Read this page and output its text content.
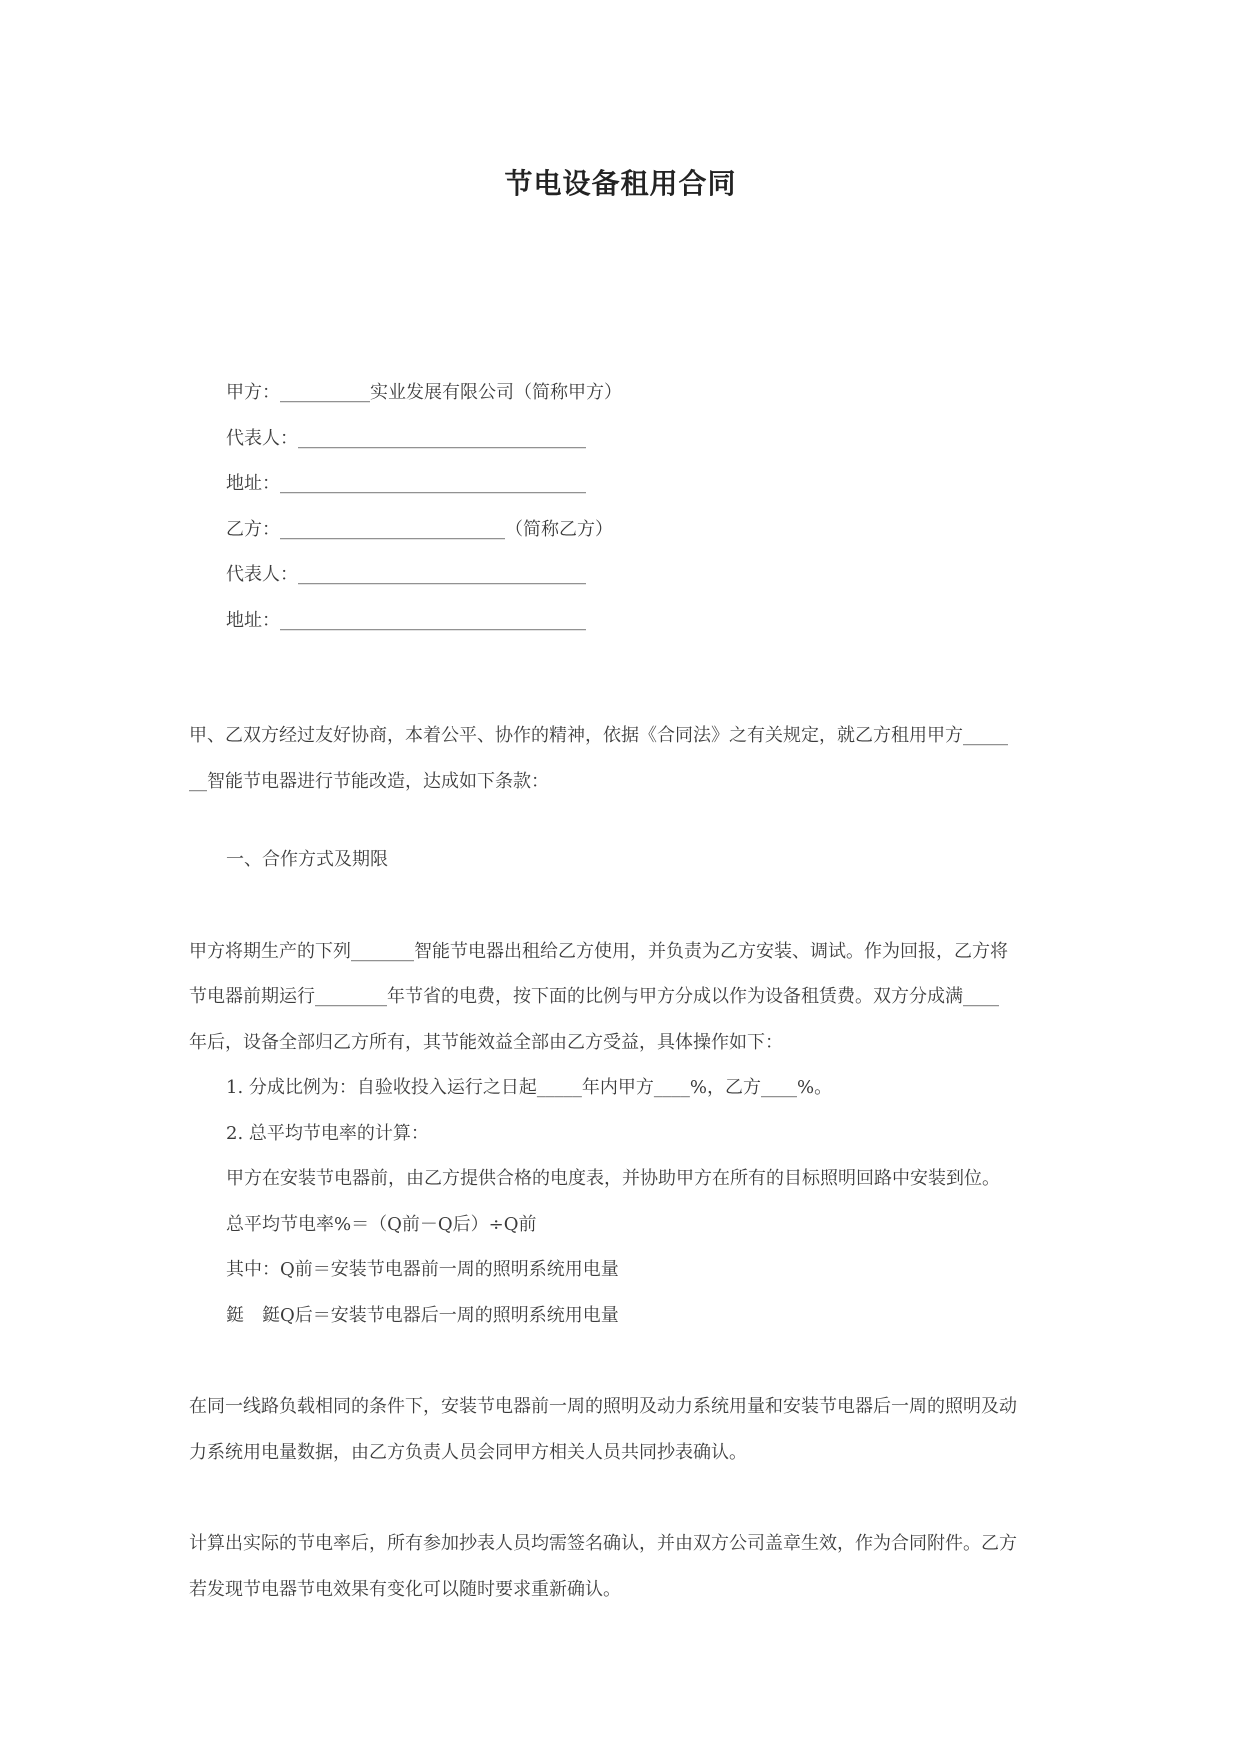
节电设备租用合同
甲方：__________实业发展有限公司（简称甲方）
代表人：________________________________
地址：__________________________________
乙方：_________________________（简称乙方）
代表人：________________________________
地址：__________________________________
甲、乙双方经过友好协商，本着公平、协作的精神，依据《合同法》之有关规定，就乙方租用甲方_____
__智能节电器进行节能改造，达成如下条款：
一、合作方式及期限
甲方将期生产的下列_______智能节电器出租给乙方使用，并负责为乙方安装、调试。作为回报，乙方将
节电器前期运行________年节省的电费，按下面的比例与甲方分成以作为设备租赁费。双方分成满____
年后，设备全部归乙方所有，其节能效益全部由乙方受益，具体操作如下：
1. 分成比例为：自验收投入运行之日起_____年内甲方____%，乙方____%。
2. 总平均节电率的计算：
甲方在安装节电器前，由乙方提供合格的电度表，并协助甲方在所有的目标照明回路中安装到位。
总平均节电率%＝（Q前－Q后）÷Q前
其中：Q前＝安装节电器前一周的照明系统用电量
鋌　鋌Q后＝安装节电器后一周的照明系统用电量
在同一线路负载相同的条件下，安装节电器前一周的照明及动力系统用量和安装节电器后一周的照明及动
力系统用电量数据，由乙方负责人员会同甲方相关人员共同抄表确认。
计算出实际的节电率后，所有参加抄表人员均需签名确认，并由双方公司盖章生效，作为合同附件。乙方
若发现节电器节电效果有变化可以随时要求重新确认。
